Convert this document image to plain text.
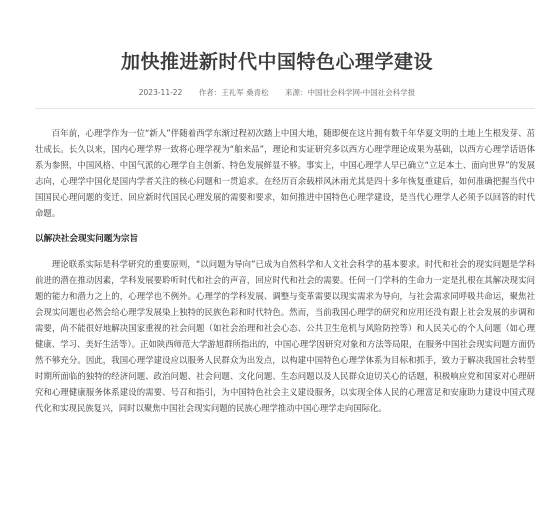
加快推进新时代中国特色心理学建设
2023-11-22 作者：王礼军 桑青松 来源：中国社会科学网-中国社会科学报

百年前，心理学作为一位“新人”伴随着西学东渐过程初次踏上中国大地，随即便在这片拥有数千年华夏文明的土地上生根发芽、茁壮成长。长久以来，国内心理学界一致将心理学视为“舶来品”，理论和实证研究多以西方心理学理论成果为基础，以西方心理学话语体系为参照，中国风格、中国气派的心理学自主创新、特色发展鲜显不够。事实上，中国心理学人早已确立“立足本土、面向世界”的发展志向，心理学中国化是国内学者关注的核心问题和一贯追求。在经历百余载栉风沐雨尤其是四十多年恢复重建后，如何准确把握当代中国国民心理问题的变迁、回应新时代国民心理发展的需要和要求，如何推进中国特色心理学建设，是当代心理学人必须予以回答的时代命题。

以解决社会现实问题为宗旨

理论联系实际是科学研究的重要原则，“以问题为导向”已成为自然科学和人文社会科学的基本要求。时代和社会的现实问题是学科前进的潜在推动因素，学科发展要聆听时代和社会的声音，回应时代和社会的需要。任何一门学科的生命力一定是扎根在其解决现实问题的能力和潜力之上的，心理学也不例外。心理学的学科发展、调整与变革需要以现实需求为导向，与社会需求同呼吸共命运，聚焦社会现实问题也必然会给心理学发展染上独特的民族色彩和时代特色。然而，当前我国心理学的研究和应用还没有跟上社会发展的步调和需要，尚不能很好地解决国家重视的社会问题（如社会治理和社会心态、公共卫生危机与风险防控等）和人民关心的个人问题（如心理健康、学习、美好生活等）。正如陕西师范大学游旭群所指出的，中国心理学因研究对象和方法等局限，在服务中国社会现实问题方面仍然不够充分。因此，我国心理学建设应以服务人民群众为出发点，以构建中国特色心理学体系为目标和抓手，致力于解决我国社会转型时期所面临的独特的经济问题、政治问题、社会问题、文化问题、生态问题以及人民群众迫切关心的话题，积极响应党和国家对心理研究和心理健康服务体系建设的需要、号召和指引，为中国特色社会主义建设服务，以实现全体人民的心理富足和安康助力建设中国式现代化和实现民族复兴，同时以聚焦中国社会现实问题的民族心理学推动中国心理学走向国际化。
